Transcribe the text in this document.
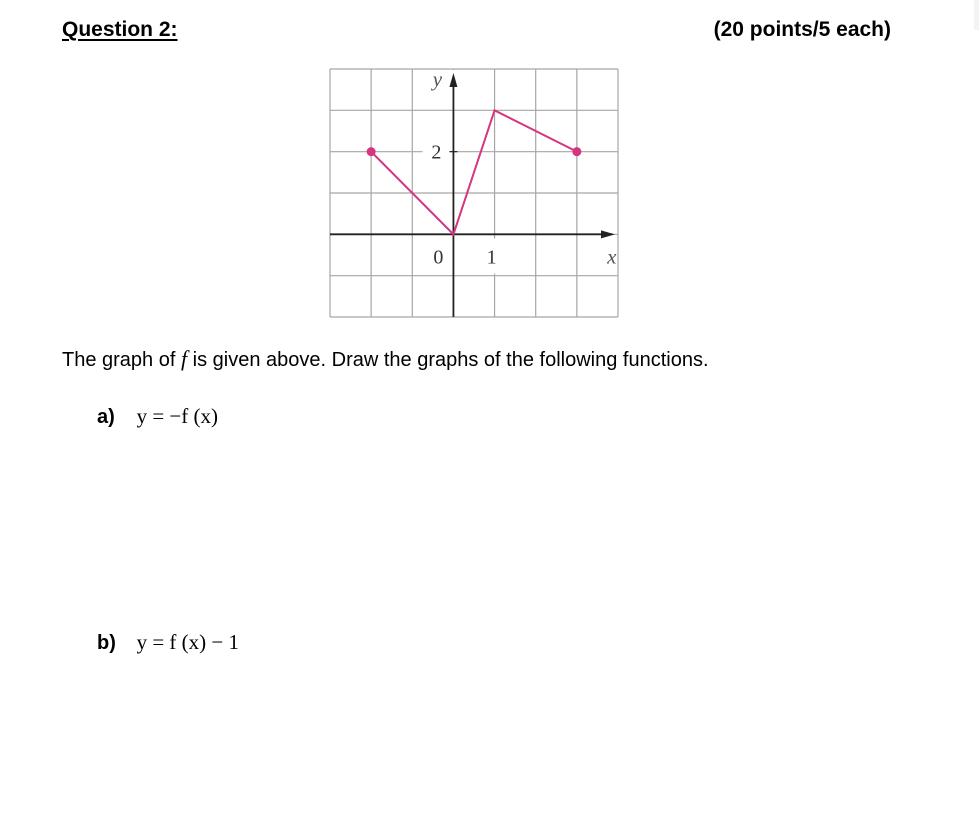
Question 2:	(20 points/5 each)
2
0 1	x
y
The graph of f is given above. Draw the graphs of the following functions.
a) y = −f (x)
b) y = f (x) − 1
